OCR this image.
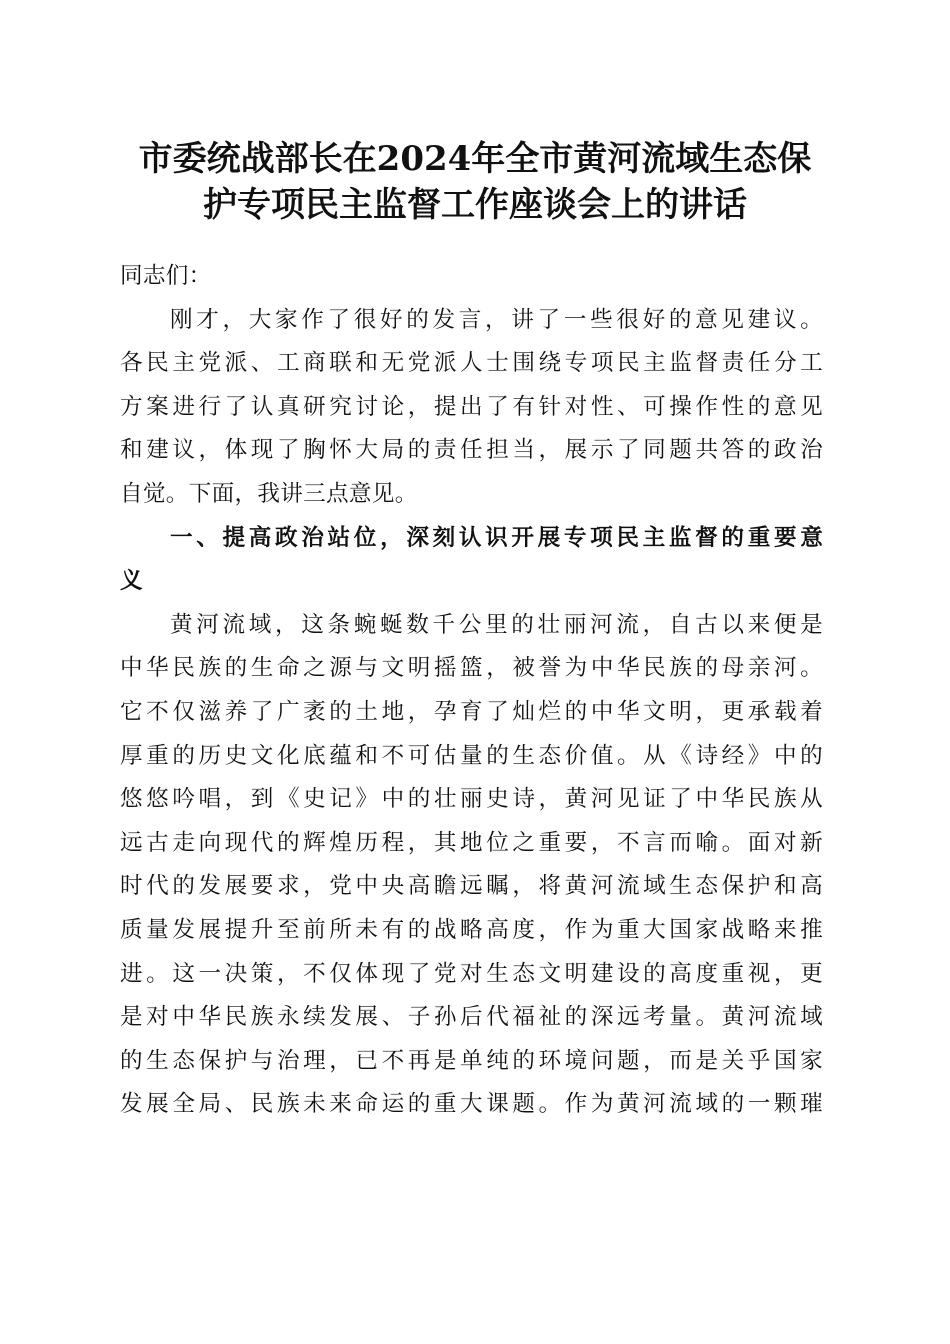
市委统战部长在2024年全市黄河流域生态保
护专项民主监督工作座谈会上的讲话
同志们：
刚才，大家作了很好的发言，讲了一些很好的意见建议。
各民主党派、工商联和无党派人士围绕专项民主监督责任分工
方案进行了认真研究讨论，提出了有针对性、可操作性的意见
和建议，体现了胸怀大局的责任担当，展示了同题共答的政治
自觉。下面，我讲三点意见。
一、提高政治站位，深刻认识开展专项民主监督的重要意
义
黄河流域，这条蜿蜒数千公里的壮丽河流，自古以来便是
中华民族的生命之源与文明摇篮，被誉为中华民族的母亲河。
它不仅滋养了广袤的土地，孕育了灿烂的中华文明，更承载着
厚重的历史文化底蕴和不可估量的生态价值。从《诗经》中的
悠悠吟唱，到《史记》中的壮丽史诗，黄河见证了中华民族从
远古走向现代的辉煌历程，其地位之重要，不言而喻。面对新
时代的发展要求，党中央高瞻远瞩，将黄河流域生态保护和高
质量发展提升至前所未有的战略高度，作为重大国家战略来推
进。这一决策，不仅体现了党对生态文明建设的高度重视，更
是对中华民族永续发展、子孙后代福祉的深远考量。黄河流域
的生态保护与治理，已不再是单纯的环境问题，而是关乎国家
发展全局、民族未来命运的重大课题。作为黄河流域的一颗璀
